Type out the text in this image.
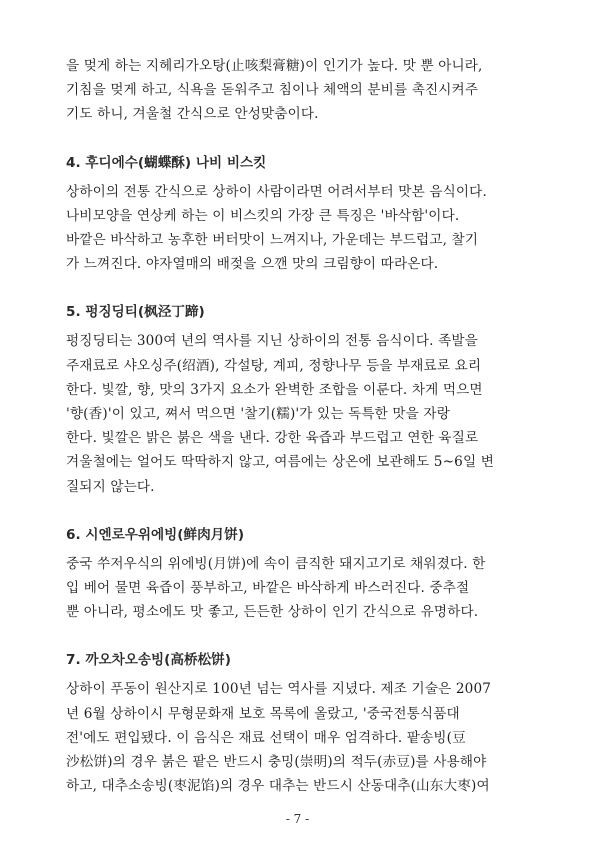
을 멎게 하는 지헤리가오탕(止咳梨膏糖)이 인기가 높다. 맛 뿐 아니라,

기침을 멎게 하고, 식욕을 돋워주고 침이나 체액의 분비를 촉진시켜주

기도 하니, 겨울철 간식으로 안성맞춤이다.

4. 후디에수(蝴蝶酥) 나비 비스킷

상하이의 전통 간식으로 상하이 사람이라면 어려서부터 맛본 음식이다.

나비모양을 연상케 하는 이 비스킷의 가장 큰 특징은 '바삭함'이다.

바깥은 바삭하고 농후한 버터맛이 느껴지나, 가운데는 부드럽고, 찰기

가 느껴진다. 야자열매의 배젖을 으깬 맛의 크림향이 따라온다.

5. 펑징딩티(枫泾丁蹄)

펑징딩티는 300여 년의 역사를 지닌 상하이의 전통 음식이다. 족발을

주재료로 샤오싱주(绍酒), 각설탕, 계피, 정향나무 등을 부재료로 요리

한다. 빛깔, 향, 맛의 3가지 요소가 완벽한 조합을 이룬다. 차게 먹으면

'향(香)'이 있고, 쪄서 먹으면 '찰기(糯)'가 있는 독특한 맛을 자랑

한다. 빛깔은 밝은 붉은 색을 낸다. 강한 육즙과 부드럽고 연한 육질로

겨울철에는 얼어도 딱딱하지 않고, 여름에는 상온에 보관해도 5~6일 변

질되지 않는다.

6. 시엔로우위에빙(鲜肉月饼)

중국 쑤저우식의 위에빙(月饼)에 속이 큼직한 돼지고기로 채워졌다. 한

입 베어 물면 육즙이 풍부하고, 바깥은 바삭하게 바스러진다. 중추절

뿐 아니라, 평소에도 맛 좋고, 든든한 상하이 인기 간식으로 유명하다.

7. 까오차오송빙(高桥松饼)

상하이 푸동이 원산지로 100년 넘는 역사를 지녔다. 제조 기술은 2007

년 6월 상하이시 무형문화재 보호 목록에 올랐고, '중국전통식품대

전'에도 편입됐다. 이 음식은 재료 선택이 매우 엄격하다. 팥송빙(豆

沙松饼)의 경우 붉은 팥은 반드시 충밍(崇明)의 적두(赤豆)를 사용해야

하고, 대추소송빙(枣泥馅)의 경우 대추는 반드시 산동대추(山东大枣)여

- 7 -
